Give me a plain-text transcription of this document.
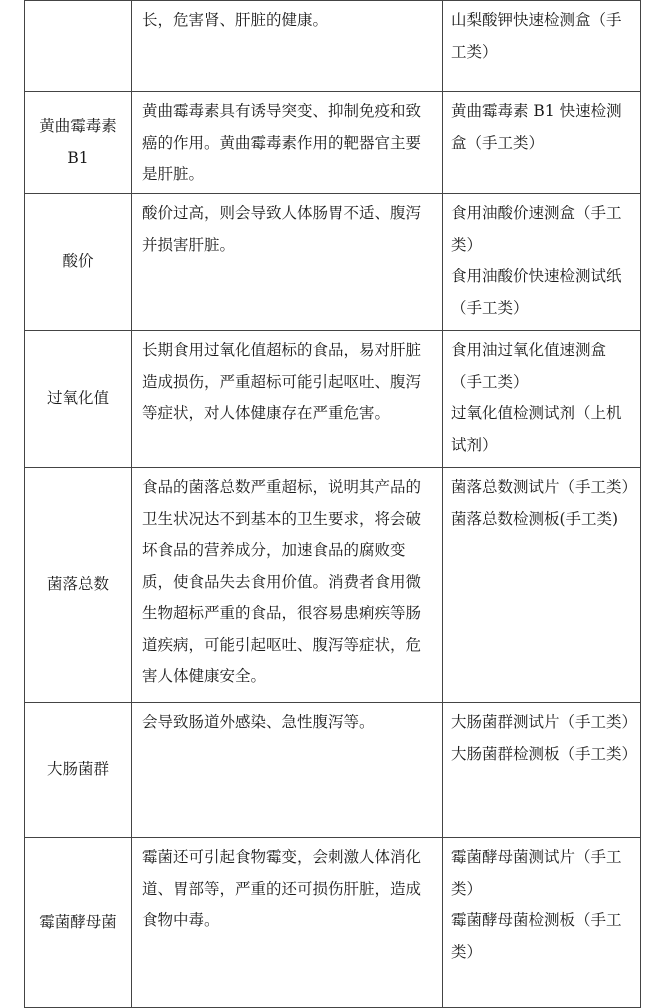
	长，危害肾、肝脏的健康。	山梨酸钾快速检测盒（手工类）

黄曲霉毒素B1	黄曲霉毒素具有诱导突变、抑制免疫和致癌的作用。黄曲霉毒素作用的靶器官主要是肝脏。	黄曲霉毒素 B1 快速检测盒（手工类）

酸价	酸价过高，则会导致人体肠胃不适、腹泻并损害肝脏。	食用油酸价速测盒（手工类）
食用油酸价快速检测试纸（手工类）

过氧化值	长期食用过氧化值超标的食品，易对肝脏造成损伤，严重超标可能引起呕吐、腹泻等症状，对人体健康存在严重危害。	食用油过氧化值速测盒（手工类）
过氧化值检测试剂（上机试剂）

菌落总数	食品的菌落总数严重超标，说明其产品的卫生状况达不到基本的卫生要求，将会破坏食品的营养成分，加速食品的腐败变质，使食品失去食用价值。消费者食用微生物超标严重的食品，很容易患痢疾等肠道疾病，可能引起呕吐、腹泻等症状，危害人体健康安全。	菌落总数测试片（手工类）
菌落总数检测板(手工类)

大肠菌群	会导致肠道外感染、急性腹泻等。	大肠菌群测试片（手工类）
大肠菌群检测板（手工类）

霉菌酵母菌	霉菌还可引起食物霉变，会刺激人体消化道、胃部等，严重的还可损伤肝脏，造成食物中毒。	霉菌酵母菌测试片（手工类）
霉菌酵母菌检测板（手工类）
